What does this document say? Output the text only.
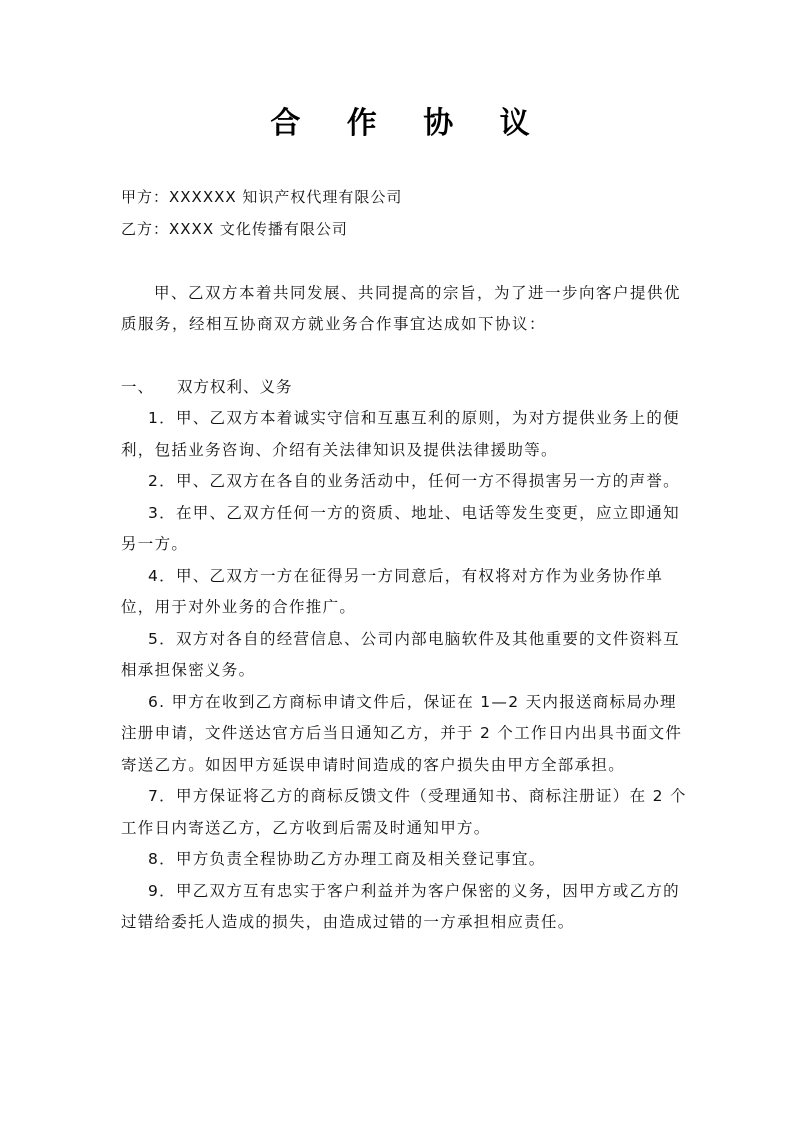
合 作 协 议
甲方：XXXXXX 知识产权代理有限公司
乙方：XXXX 文化传播有限公司
甲、乙双方本着共同发展、共同提高的宗旨，为了进一步向客户提供优质服务，经相互协商双方就业务合作事宜达成如下协议：
一、 双方权利、义务

1．甲、乙双方本着诚实守信和互惠互利的原则，为对方提供业务上的便利，包括业务咨询、介绍有关法律知识及提供法律援助等。

2．甲、乙双方在各自的业务活动中，任何一方不得损害另一方的声誉。

3．在甲、乙双方任何一方的资质、地址、电话等发生变更，应立即通知另一方。

4．甲、乙双方一方在征得另一方同意后，有权将对方作为业务协作单位，用于对外业务的合作推广。

5．双方对各自的经营信息、公司内部电脑软件及其他重要的文件资料互相承担保密义务。

6. 甲方在收到乙方商标申请文件后，保证在 1—2 天内报送商标局办理注册申请，文件送达官方后当日通知乙方，并于 2 个工作日内出具书面文件寄送乙方。如因甲方延误申请时间造成的客户损失由甲方全部承担。

7．甲方保证将乙方的商标反馈文件（受理通知书、商标注册证）在 2 个工作日内寄送乙方，乙方收到后需及时通知甲方。

8．甲方负责全程协助乙方办理工商及相关登记事宜。

9．甲乙双方互有忠实于客户利益并为客户保密的义务，因甲方或乙方的过错给委托人造成的损失，由造成过错的一方承担相应责任。
